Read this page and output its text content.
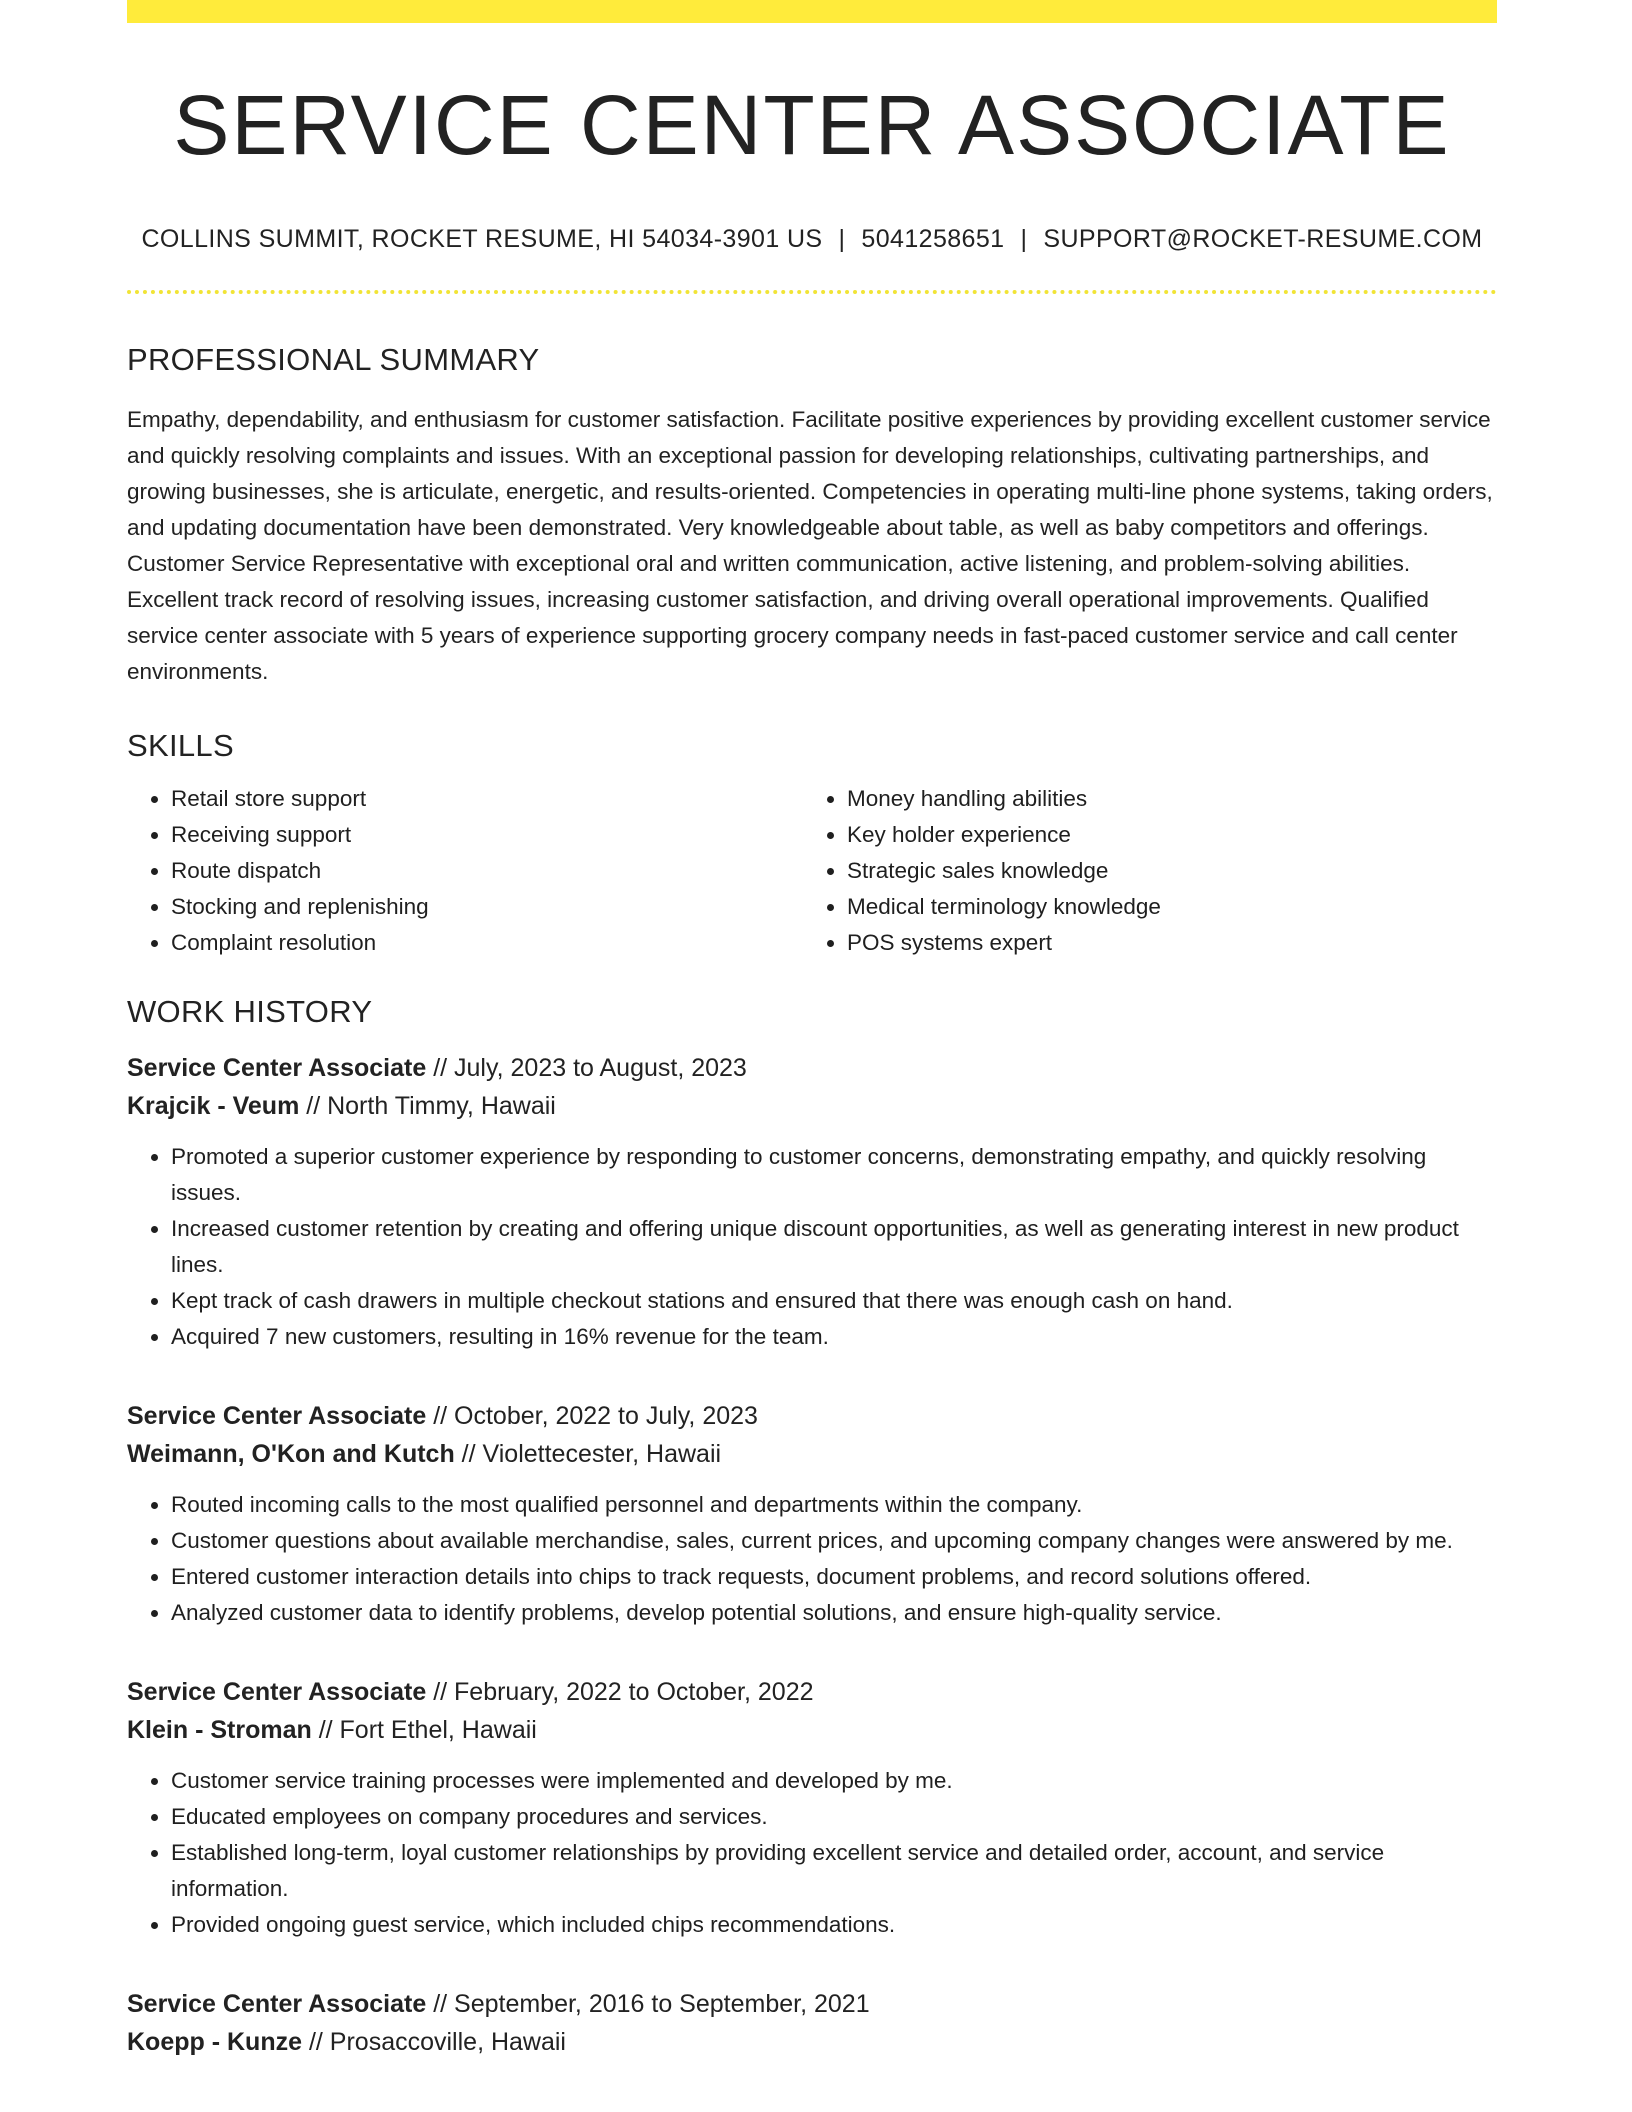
SERVICE CENTER ASSOCIATE
COLLINS SUMMIT, ROCKET RESUME, HI 54034-3901 US | 5041258651 | SUPPORT@ROCKET-RESUME.COM
PROFESSIONAL SUMMARY

Empathy, dependability, and enthusiasm for customer satisfaction. Facilitate positive experiences by providing excellent customer service and quickly resolving complaints and issues. With an exceptional passion for developing relationships, cultivating partnerships, and growing businesses, she is articulate, energetic, and results-oriented. Competencies in operating multi-line phone systems, taking orders, and updating documentation have been demonstrated. Very knowledgeable about table, as well as baby competitors and offerings. Customer Service Representative with exceptional oral and written communication, active listening, and problem-solving abilities. Excellent track record of resolving issues, increasing customer satisfaction, and driving overall operational improvements. Qualified service center associate with 5 years of experience supporting grocery company needs in fast-paced customer service and call center environments.

SKILLS
• Retail store support
• Receiving support
• Route dispatch
• Stocking and replenishing
• Complaint resolution
• Money handling abilities
• Key holder experience
• Strategic sales knowledge
• Medical terminology knowledge
• POS systems expert
WORK HISTORY
Service Center Associate // July, 2023 to August, 2023
Krajcik - Veum // North Timmy, Hawaii
• Promoted a superior customer experience by responding to customer concerns, demonstrating empathy, and quickly resolving issues.
• Increased customer retention by creating and offering unique discount opportunities, as well as generating interest in new product lines.
• Kept track of cash drawers in multiple checkout stations and ensured that there was enough cash on hand.
• Acquired 7 new customers, resulting in 16% revenue for the team.
Service Center Associate // October, 2022 to July, 2023
Weimann, O'Kon and Kutch // Violettecester, Hawaii
• Routed incoming calls to the most qualified personnel and departments within the company.
• Customer questions about available merchandise, sales, current prices, and upcoming company changes were answered by me.
• Entered customer interaction details into chips to track requests, document problems, and record solutions offered.
• Analyzed customer data to identify problems, develop potential solutions, and ensure high-quality service.
Service Center Associate // February, 2022 to October, 2022
Klein - Stroman // Fort Ethel, Hawaii
• Customer service training processes were implemented and developed by me.
• Educated employees on company procedures and services.
• Established long-term, loyal customer relationships by providing excellent service and detailed order, account, and service information.
• Provided ongoing guest service, which included chips recommendations.
Service Center Associate // September, 2016 to September, 2021
Koepp - Kunze // Prosaccoville, Hawaii
